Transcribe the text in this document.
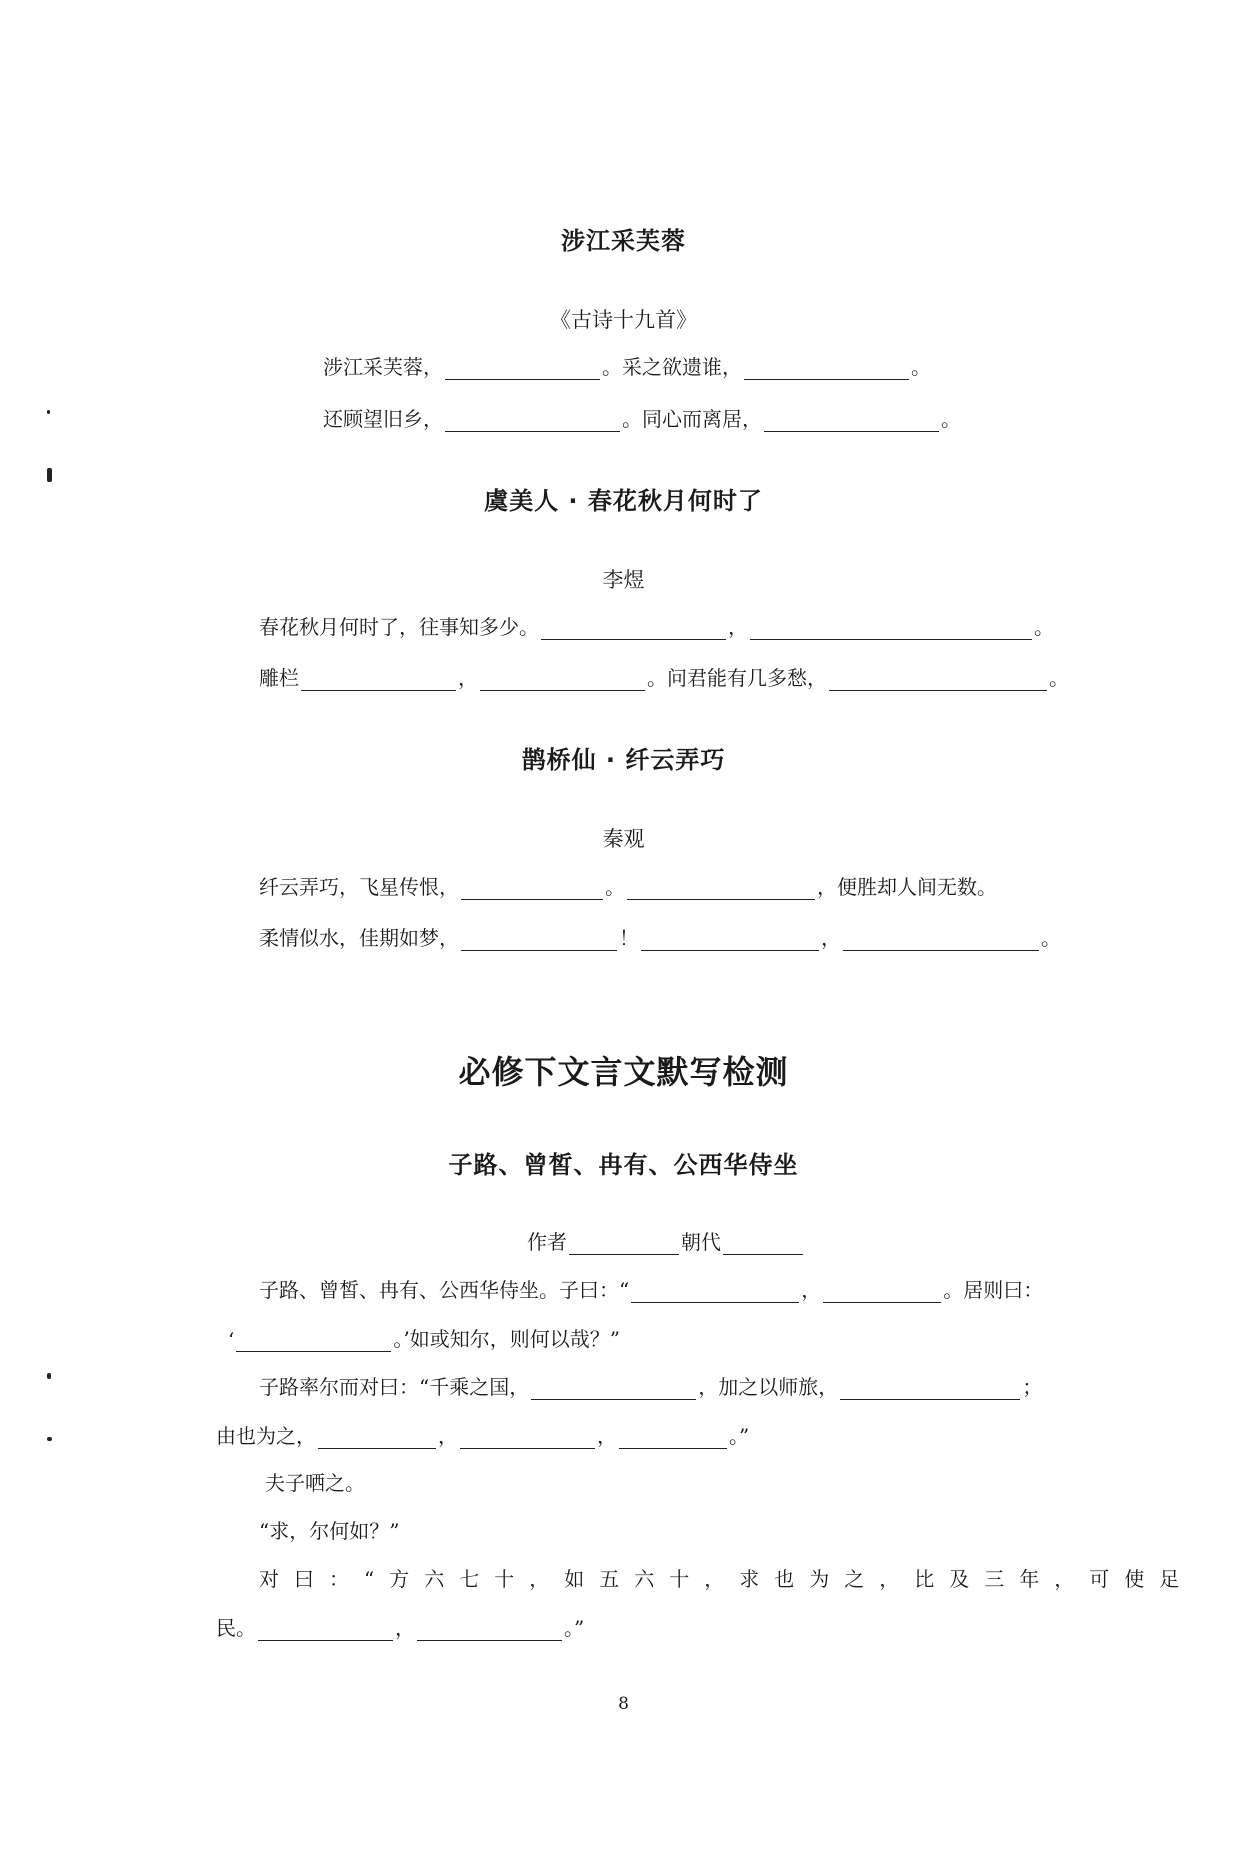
涉江采芙蓉
《古诗十九首》
涉江采芙蓉，	。采之欲遗谁，	。
还顾望旧乡，	。同心而离居，	。
虞美人 · 春花秋月何时了
李煜
春花秋月何时了，往事知多少。	，	。
雕栏	，	。问君能有几多愁，	。
鹊桥仙 · 纤云弄巧
秦观
纤云弄巧，飞星传恨，	。	，便胜却人间无数。
柔情似水，佳期如梦，	！	，	。
必修下文言文默写检测
子路、曾皙、冉有、公西华侍坐
作者	朝代
子路、曾皙、冉有、公西华侍坐。子曰：“	，	。居则曰：
‘	。’如或知尔，则何以哉？”
子路率尔而对曰：“千乘之国，	，加之以师旅，	；
由也为之，	，	，	。”
夫子哂之。
“求，尔何如？”
对曰：“方六七十，如五六十，求也为之，比及三年，可使足
民。	，	。”
8
